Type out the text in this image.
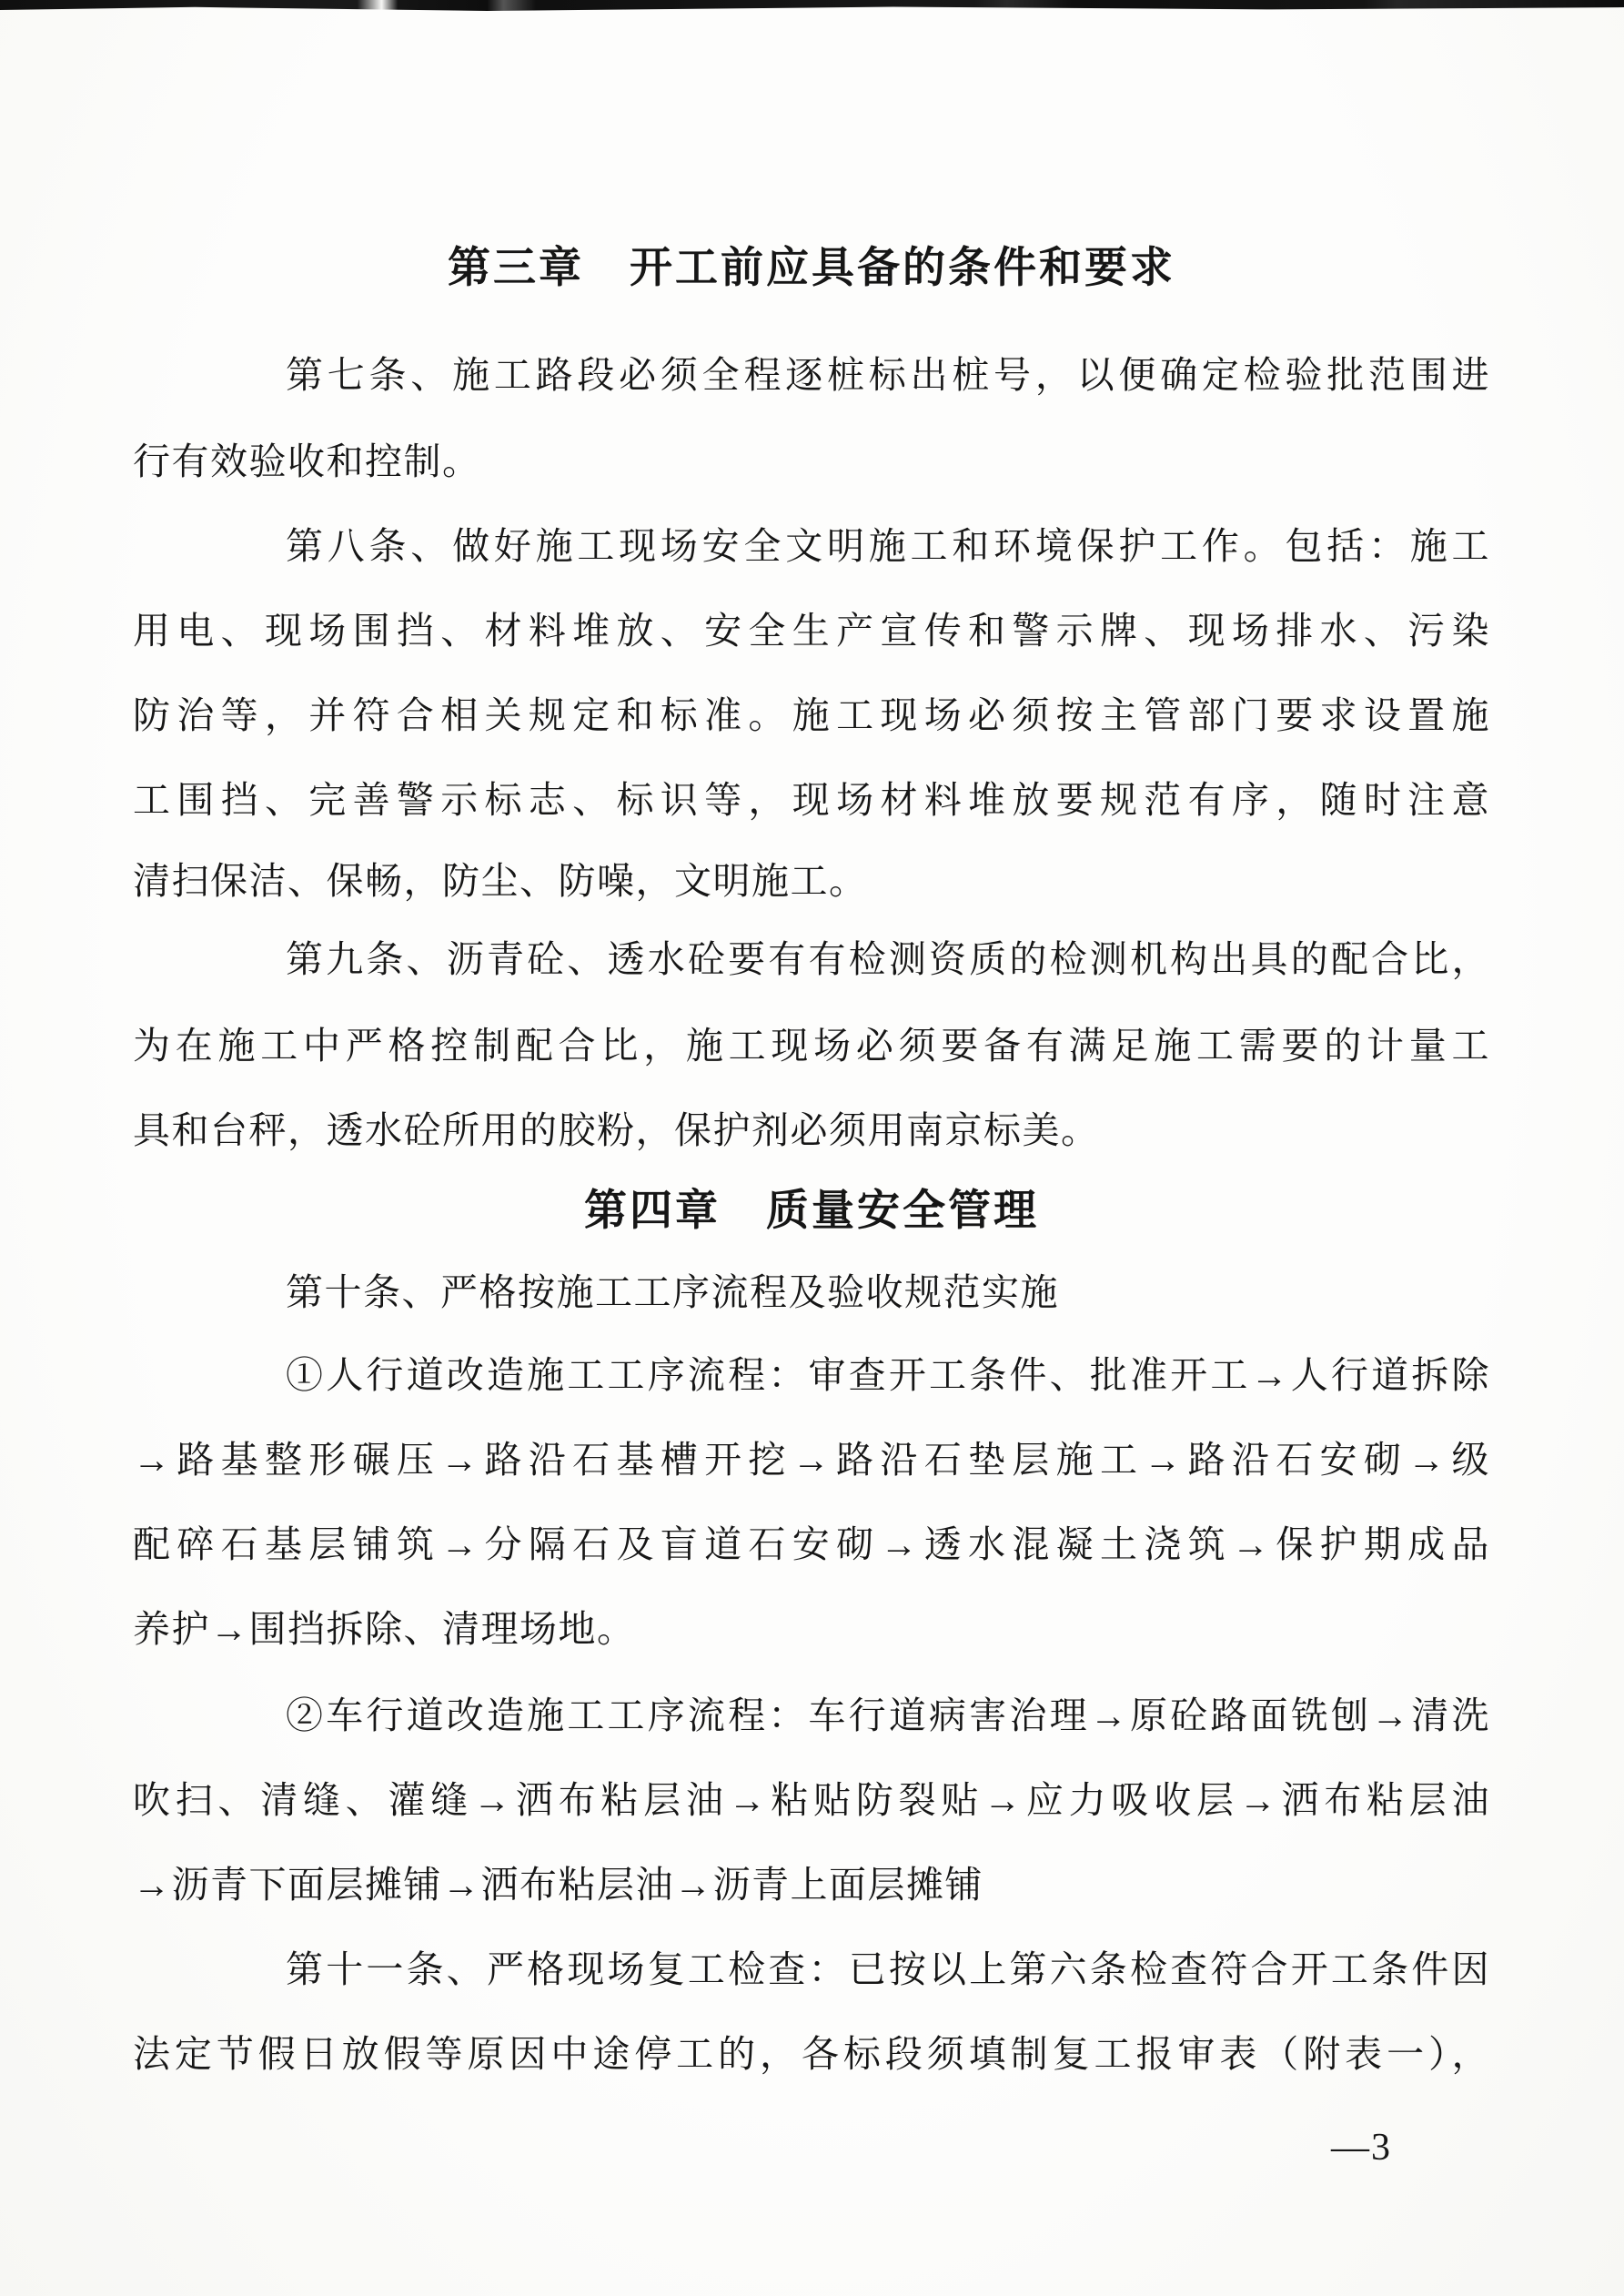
第三章　开工前应具备的条件和要求
第七条、施工路段必须全程逐桩标出桩号，以便确定检验批范围进
行有效验收和控制。
第八条、做好施工现场安全文明施工和环境保护工作。包括：施工
用电、现场围挡、材料堆放、安全生产宣传和警示牌、现场排水、污染
防治等，并符合相关规定和标准。施工现场必须按主管部门要求设置施
工围挡、完善警示标志、标识等，现场材料堆放要规范有序，随时注意
清扫保洁、保畅，防尘、防噪，文明施工。
第九条、沥青砼、透水砼要有有检测资质的检测机构出具的配合比，
为在施工中严格控制配合比，施工现场必须要备有满足施工需要的计量工
具和台秤，透水砼所用的胶粉，保护剂必须用南京标美。
第四章　质量安全管理
第十条、严格按施工工序流程及验收规范实施
①人行道改造施工工序流程：审查开工条件、批准开工→人行道拆除
→路基整形碾压→路沿石基槽开挖→路沿石垫层施工→路沿石安砌→级
配碎石基层铺筑→分隔石及盲道石安砌→透水混凝土浇筑→保护期成品
养护→围挡拆除、清理场地。
②车行道改造施工工序流程：车行道病害治理→原砼路面铣刨→清洗
吹扫、清缝、灌缝→洒布粘层油→粘贴防裂贴→应力吸收层→洒布粘层油
→沥青下面层摊铺→洒布粘层油→沥青上面层摊铺
第十一条、严格现场复工检查：已按以上第六条检查符合开工条件因
法定节假日放假等原因中途停工的，各标段须填制复工报审表（附表一），
—3
